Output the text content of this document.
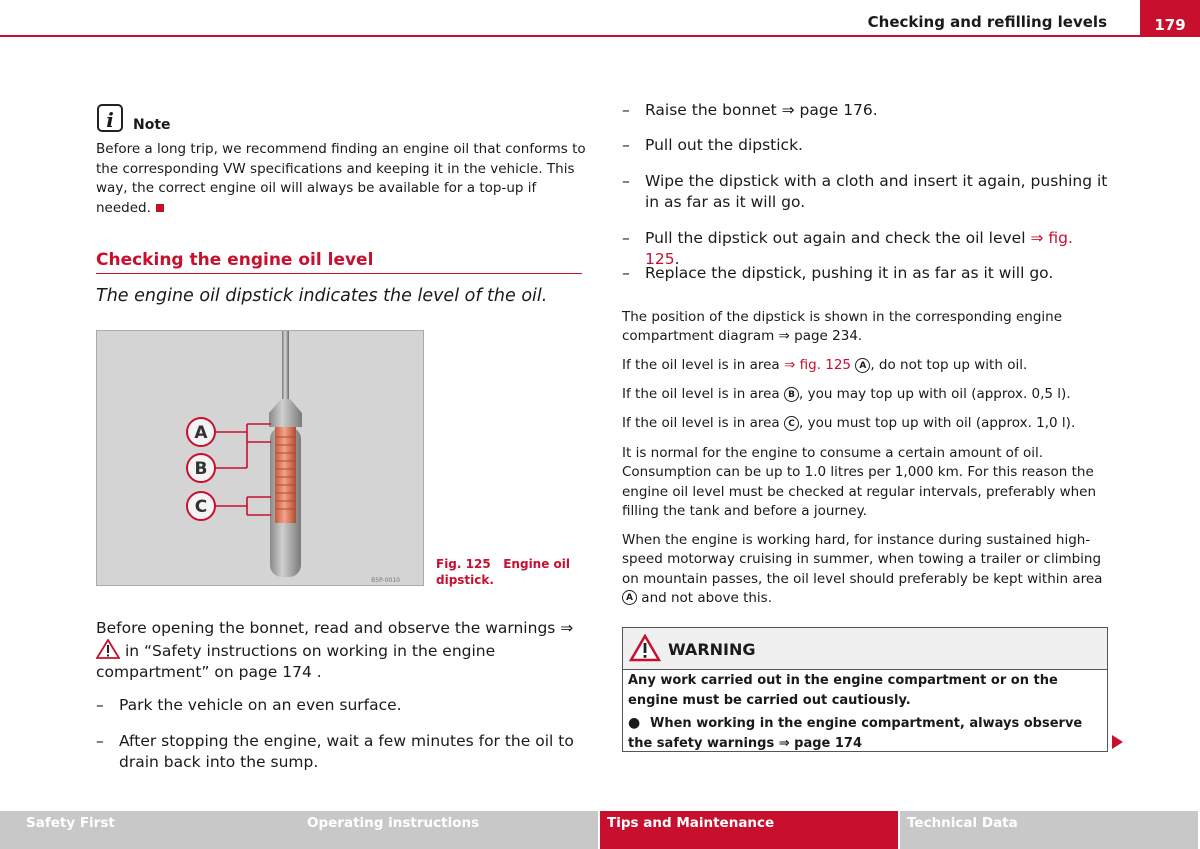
Checking and refilling levels	179
i	Note
Before a long trip, we recommend finding an engine oil that conforms to the corresponding VW specifications and keeping it in the vehicle. This way, the correct engine oil will always be available for a top-up if needed.
Checking the engine oil level
The engine oil dipstick indicates the level of the oil.
A
B
C
B5P-0010
Fig. 125 Engine oil dipstick.
Before opening the bonnet, read and observe the warnings ⇒  in “Safety instructions on working in the engine compartment” on page 174 .
– Park the vehicle on an even surface.
– After stopping the engine, wait a few minutes for the oil to drain back into the sump.
– Raise the bonnet ⇒ page 176.
– Pull out the dipstick.
– Wipe the dipstick with a cloth and insert it again, pushing it in as far as it will go.
– Pull the dipstick out again and check the oil level ⇒ fig. 125.
– Replace the dipstick, pushing it in as far as it will go.
The position of the dipstick is shown in the corresponding engine compartment diagram ⇒ page 234.
If the oil level is in area ⇒ fig. 125 A , do not top up with oil.
If the oil level is in area B , you may top up with oil (approx. 0,5 l).
If the oil level is in area C , you must top up with oil (approx. 1,0 l).
It is normal for the engine to consume a certain amount of oil. Consumption can be up to 1.0 litres per 1,000 km. For this reason the engine oil level must be checked at regular intervals, preferably when filling the tank and before a journey.
When the engine is working hard, for instance during sustained high-speed motorway cruising in summer, when towing a trailer or climbing on mountain passes, the oil level should preferably be kept within area A and not above this.
WARNING
Any work carried out in the engine compartment or on the engine must be carried out cautiously.
● When working in the engine compartment, always observe the safety warnings ⇒ page 174
Safety First	Operating instructions	Tips and Maintenance	Technical Data
